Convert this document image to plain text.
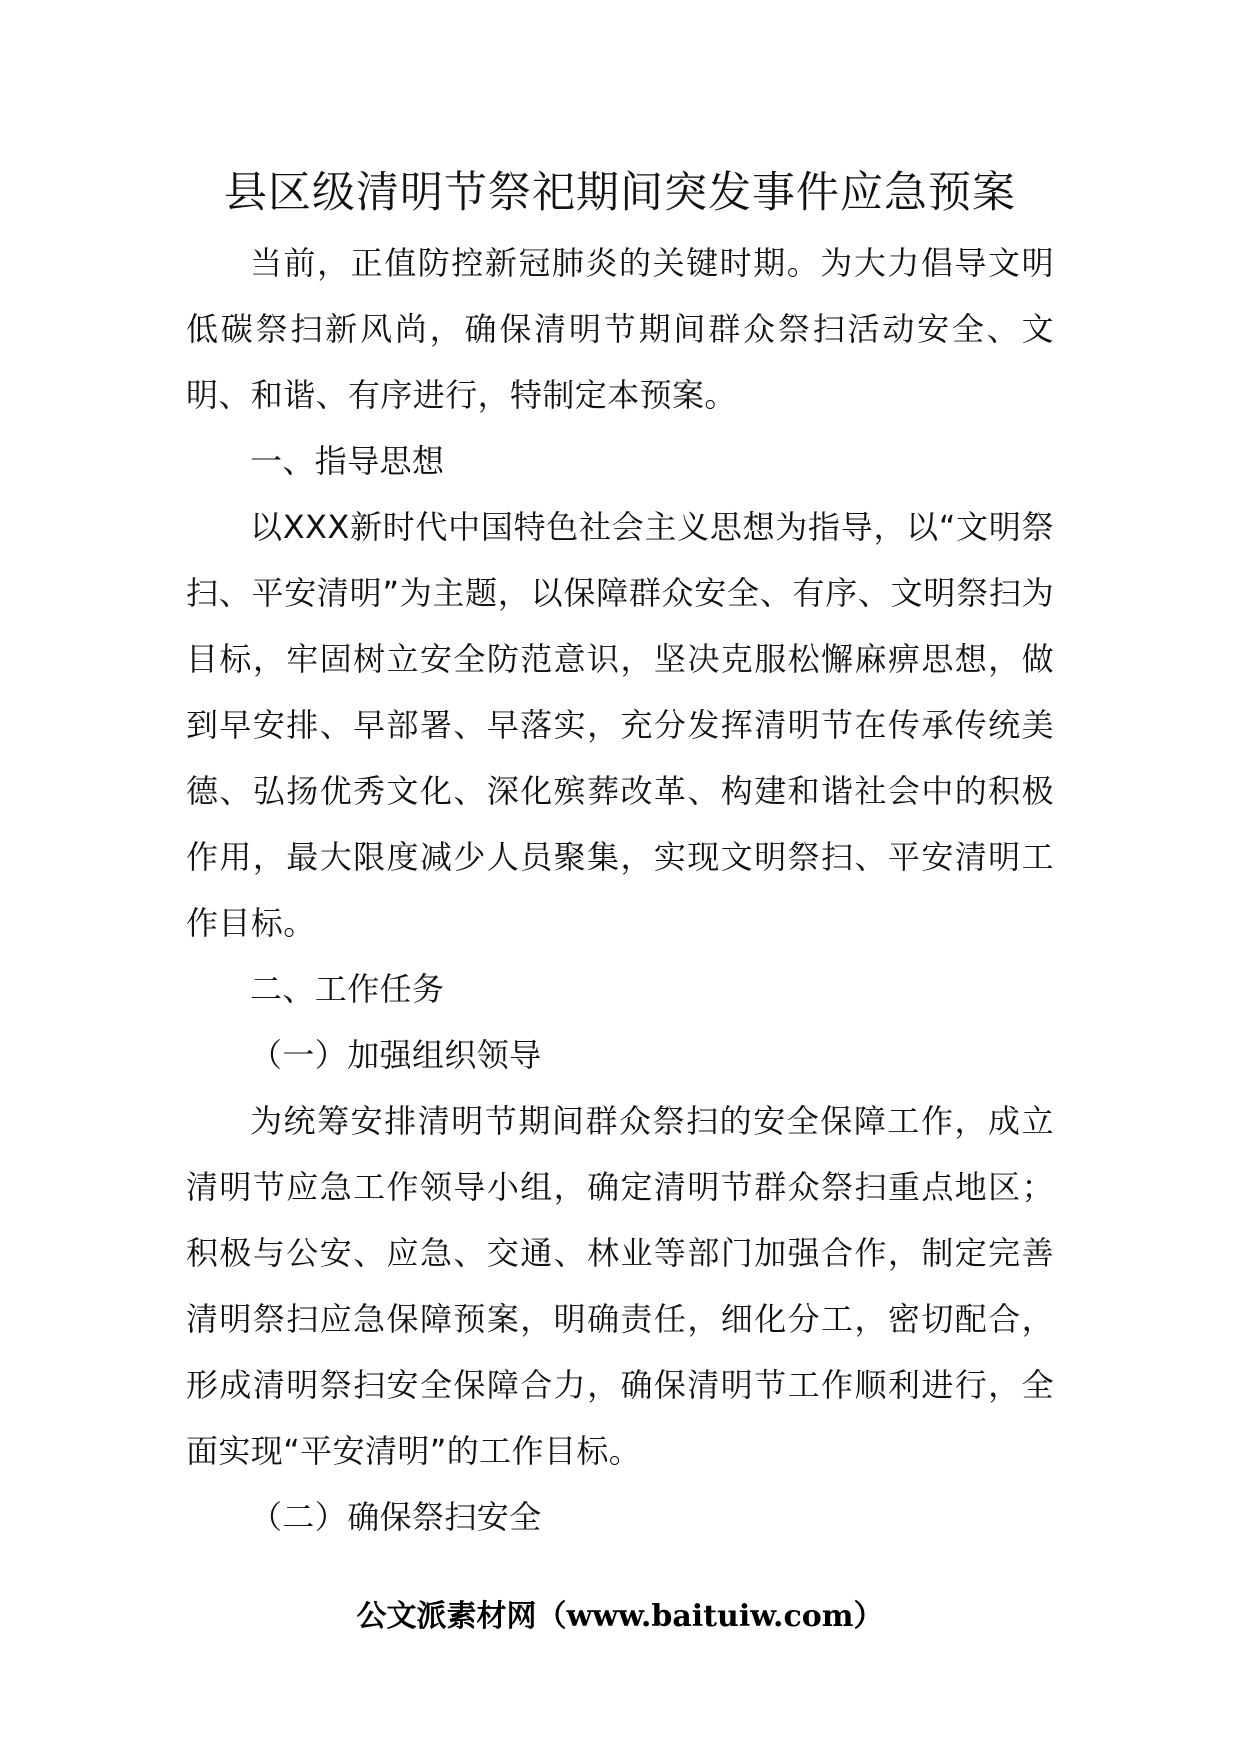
县区级清明节祭祀期间突发事件应急预案

当前，正值防控新冠肺炎的关键时期。为大力倡导文明低碳祭扫新风尚，确保清明节期间群众祭扫活动安全、文明、和谐、有序进行，特制定本预案。

一、指导思想

以XXX新时代中国特色社会主义思想为指导，以“文明祭扫、平安清明”为主题，以保障群众安全、有序、文明祭扫为目标，牢固树立安全防范意识，坚决克服松懈麻痹思想，做到早安排、早部署、早落实，充分发挥清明节在传承传统美德、弘扬优秀文化、深化殡葬改革、构建和谐社会中的积极作用，最大限度减少人员聚集，实现文明祭扫、平安清明工作目标。

二、工作任务

（一）加强组织领导

为统筹安排清明节期间群众祭扫的安全保障工作，成立清明节应急工作领导小组，确定清明节群众祭扫重点地区；积极与公安、应急、交通、林业等部门加强合作，制定完善清明祭扫应急保障预案，明确责任，细化分工，密切配合，形成清明祭扫安全保障合力，确保清明节工作顺利进行，全面实现“平安清明”的工作目标。

（二）确保祭扫安全

公文派素材网（www.baituiw.com）
